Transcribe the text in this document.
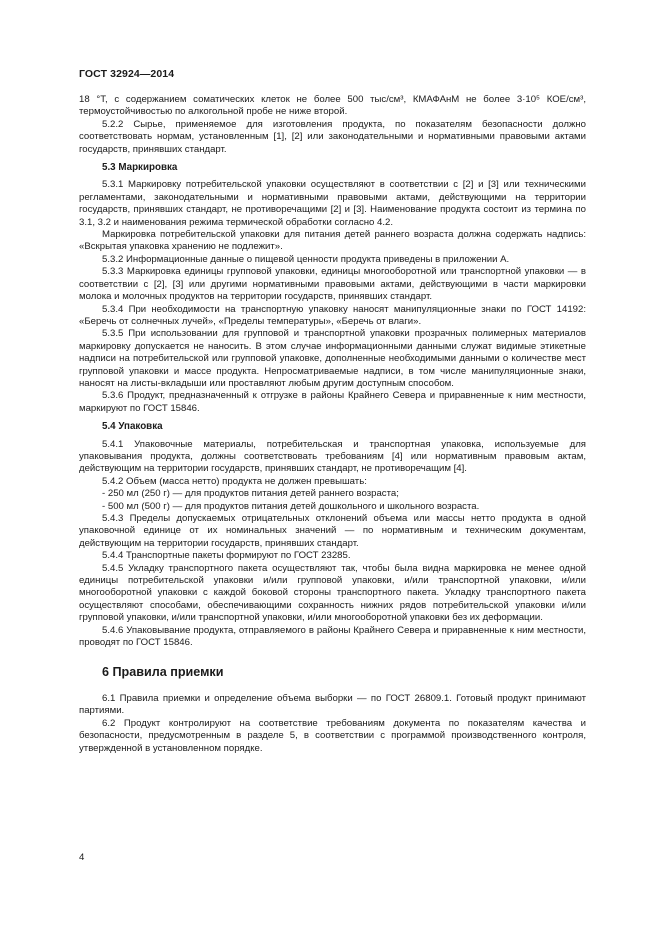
ГОСТ 32924—2014

18 °Т, с содержанием соматических клеток не более 500 тыс/см³, КМАФАнМ не более 3·10⁵ КОЕ/см³, термоустойчивостью по алкогольной пробе не ниже второй.

5.2.2 Сырье, применяемое для изготовления продукта, по показателям безопасности должно соответствовать нормам, установленным [1], [2] или законодательными и нормативными правовыми актами государств, принявших стандарт.

5.3 Маркировка

5.3.1 Маркировку потребительской упаковки осуществляют в соответствии с [2] и [3] или техническими регламентами, законодательными и нормативными правовыми актами, действующими на территории государств, принявших стандарт, не противоречащими [2] и [3]. Наименование продукта состоит из термина по 3.1, 3.2 и наименования режима термической обработки согласно 4.2.

Маркировка потребительской упаковки для питания детей раннего возраста должна содержать надпись: «Вскрытая упаковка хранению не подлежит».

5.3.2 Информационные данные о пищевой ценности продукта приведены в приложении А.

5.3.3 Маркировка единицы групповой упаковки, единицы многооборотной или транспортной упаковки — в соответствии с [2], [3] или другими нормативными правовыми актами, действующими в части маркировки молока и молочных продуктов на территории государств, принявших стандарт.

5.3.4 При необходимости на транспортную упаковку наносят манипуляционные знаки по ГОСТ 14192: «Беречь от солнечных лучей», «Пределы температуры», «Беречь от влаги».

5.3.5 При использовании для групповой и транспортной упаковки прозрачных полимерных материалов маркировку допускается не наносить. В этом случае информационными данными служат видимые этикетные надписи на потребительской или групповой упаковке, дополненные необходимыми данными о количестве мест групповой упаковки и массе продукта. Непросматриваемые надписи, в том числе манипуляционные знаки, наносят на листы-вкладыши или проставляют любым другим доступным способом.

5.3.6 Продукт, предназначенный к отгрузке в районы Крайнего Севера и приравненные к ним местности, маркируют по ГОСТ 15846.

5.4 Упаковка

5.4.1 Упаковочные материалы, потребительская и транспортная упаковка, используемые для упаковывания продукта, должны соответствовать требованиям [4] или нормативным правовым актам, действующим на территории государств, принявших стандарт, не противоречащим [4].

5.4.2 Объем (масса нетто) продукта не должен превышать:

- 250 мл (250 г) — для продуктов питания детей раннего возраста;

- 500 мл (500 г) — для продуктов питания детей дошкольного и школьного возраста.

5.4.3 Пределы допускаемых отрицательных отклонений объема или массы нетто продукта в одной упаковочной единице от их номинальных значений — по нормативным и техническим документам, действующим на территории государств, принявших стандарт.

5.4.4 Транспортные пакеты формируют по ГОСТ 23285.

5.4.5 Укладку транспортного пакета осуществляют так, чтобы была видна маркировка не менее одной единицы потребительской упаковки и/или групповой упаковки, и/или транспортной упаковки, и/или многооборотной упаковки с каждой боковой стороны транспортного пакета. Укладку транспортного пакета осуществляют способами, обеспечивающими сохранность нижних рядов потребительской упаковки и/или групповой упаковки, и/или транспортной упаковки, и/или многооборотной упаковки без их деформации.

5.4.6 Упаковывание продукта, отправляемого в районы Крайнего Севера и приравненные к ним местности, проводят по ГОСТ 15846.

6 Правила приемки

6.1 Правила приемки и определение объема выборки — по ГОСТ 26809.1. Готовый продукт принимают партиями.

6.2 Продукт контролируют на соответствие требованиям документа по показателям качества и безопасности, предусмотренным в разделе 5, в соответствии с программой производственного контроля, утвержденной в установленном порядке.

4
